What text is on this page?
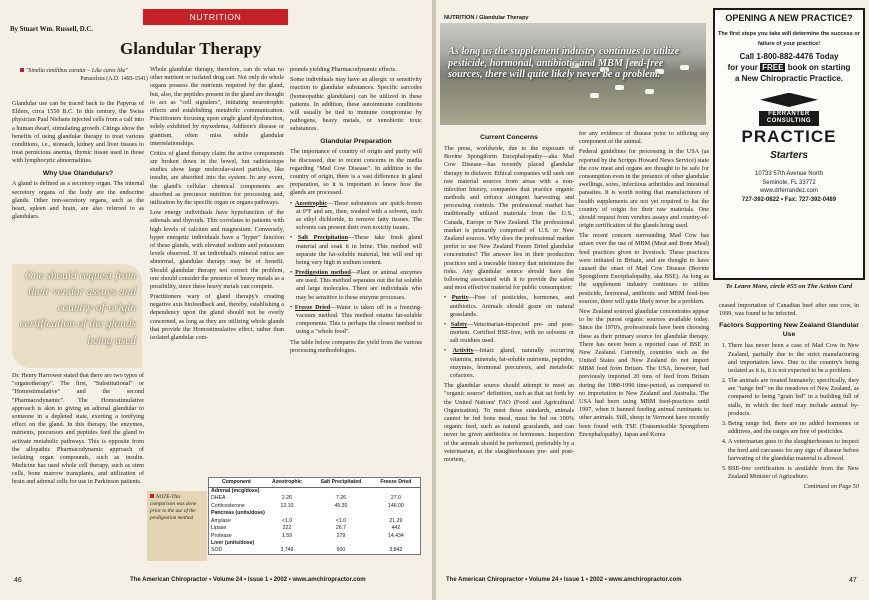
NUTRITION
By Stuart Wm. Russell, D.C.
Glandular Therapy
"Similia similibus curatur – Like cures like"
Paracelsus (A.D. 1493-1541)

Glandular use can be traced back to the Papyrus of Elders, circa 1550 B.C. In this century, the Swiss physician Paul Niehans injected cells from a calf into a human dwarf, stimulating growth. Citings show the benefits of using glandular therapy to treat various conditions, i.e., stomach, kidney and liver tissues to treat pernicious anemia, thymic tissue used in those with lymphocytic abnormalities.

Why Use Glandulars?

A gland is defined as a secretory organ. The internal secretory organs of the body are the endocrine glands. Other non-secretory organs, such as the heart, spleen and brain, are also referred to as glandulars.

One should request from their vendor assays and country-of-origin certification of the glands being used

Dr. Henry Harrower stated that there are two types of "organotherapy". The first, "Substitutional" or "Homostimulative" and the second "Pharmacodynamic". The Homostimulative approach is akin to giving an adrenal glandular to someone in a depleted state, exerting a tonifying effect on the gland. In this therapy, the enzymes, nutrients, precursors and peptides feed the gland to activate metabolic pathways. This is opposite from the allopathic Pharmacodynamic approach of isolating organ compounds, such as insulin. Medicine has used whole cell therapy, such as stem cells, bone marrow transplants, and utilization of brain and adrenal cells for use in Parkinson patients.

Whole glandular therapy, therefore, can do what no other nutrient or isolated drug can. Not only do whole organs possess the nutrients required by the gland, but, also, the peptides present in the gland are thought to act as "cell signalers", initiating neurotrophic effects and establishing metabolic communication. Practitioners focusing upon single gland dysfunction, solely exhibited by myxedema, Addison's disease or giantism, often miss subtle glandular interrelationships.

Critics of gland therapy claim the active components are broken down in the bowel, but radioisotope studies show large molecular-sized particles, like insulin, are absorbed into the system. In any event, the gland's cellular chemical components are absorbed as precursor nutrition for processing and, utilization by the specific organ or organs pathways.

Low energy individuals have hypofunction of the adrenals and thyroids. This correlates to patients with high levels of calcium and magnesium. Conversely, hyper energetic individuals have a "hyper" function of these glands, with elevated sodium and potassium levels observed. If an individual's mineral ratios are abnormal, glandular therapy may be of benefit. Should glandular therapy not correct the problem, one should consider the presence of heavy metals as a possibility, since these heavy metals can compete.

Practitioners wary of gland therapy's creating negative axis biofeedback and, thereby, establishing a dependency upon the gland should not be overly concerned, as long as they are utilizing whole glands that provide the Homostimulative effect, rather than isolated glandular com-

pounds yielding Pharmacodynamic effects.

Some individuals may have an allergic or sensitivity reaction to glandular substances. Specific sarcodes (homeopathic glandulars) can be utilized in these patients. In addition, these autoimmune conditions will usually be tied to immune compromise by pathogens, heavy metals, or xenobiotic toxic substances.

Glandular Preparation

The importance of country of origin and purity will be discussed, due to recent concerns in the media regarding "Mad Cow Disease". In addition to the country of origin, there is a vast difference in gland preparation, so it is important to know how the glands are processed.

• Azeotrophic—These substances are quick-frozen at 0°F and are, then, washed with a solvent, such as ethyl dichloride, to remove fatty tissues. The solvents can present their own toxicity issues.
• Salt Precipitation—These take fresh gland material and soak it in brine. This method will separate the fat-soluble material, but will end up being very high in sodium content.
• Predigestion method—Plant or animal enzymes are used. This method separates out the fat soluble and large molecules. There are individuals who may be sensitive to these enzyme processes.
• Freeze Dried—Water is taken off in a freezing-vacuum method. This method retains fat-soluble components. This is perhaps the closest method to using a "whole food".

The table below compares the yield from the various processing methodologies.

NOTE-This comparison was done prior to the use of the predigestion method
Component	Azeotrophic	Salt Precipitated	Freeze Dried
Adrenal (mcg/dose)			
DHEA	2.26	7.26	27.0
Corticosterone	12.10	45.30	146.00
Pancreas (units/dose)			
Amylase	<1.0	<1.0	21.29
Lipase	222	26.7	442
Protease	1.59	279	14,434
Liver (units/dose)			
SOD	3,749	600	3,842
46	The American Chiropractor • Volume 24 • Issue 1 • 2002 • www.amchiropractor.com
NUTRITION / Glandular Therapy
As long as the supplement industry continues to utilize pesticide, hormonal, antibiotic and MBM feed-free sources, there will quite likely never be a problem.
Current Concerns

The press, worldwide, due to the exposure of Bovine Spongiform Encephalopathy—aka Mad Cow Disease—has recently placed glandular therapy in disfavor. Ethical companies will seek out raw material sources from areas with a non-infection history, companies that practice organic methods and enforce stringent harvesting and processing controls. The professional market has traditionally utilized materials from the U.S., Canada, Europe or New Zealand. The professional market is primarily comprised of U.S. or New Zealand sources. Why does the professional market prefer to use New Zealand Freeze Dried glandular concentrates? The answer lies in their production practices and a traceable history that minimizes the risks. Any glandular source should have the following associated with it to provide the safest and most effective material for public consumption:

• Purity—Free of pesticides, hormones, and antibiotics. Animals should graze on natural grasslands.
• Safety—Veterinarian-inspected pre- and post-mortem. Certified BSE-free, with no solvents or salt residues used.
• Activity—Intact gland, naturally occurring vitamins, minerals, fat-soluble nutrients, peptides, enzymes, hormonal precursors, and metabolic cofactors.

The glandular source should attempt to meet an "organic source" definition, such as that set forth by the United Nations' FAO (Food and Agricultural Organization). To meet these standards, animals cannot be fed bone meal, must be fed on 100% organic feed, such as natural grasslands, and can never be given antibiotics or hormones. Inspection of the animals should be performed, preferably by a veterinarian, at the slaughterhouses pre- and post-mortem,

for any evidence of disease prior to utilizing any component of the animal.

Federal guidelines for processing in the USA (as reported by the Scripps Howard News Service) state the cow meat and organs are thought to be safe for consumption even in the presence of other glandular swellings, sores, infectious arthritides and intestinal parasites. It is worth noting that manufacturers of health supplements are not yet required to list the country of origin for their raw materials. One should request from vendors assays and country-of-origin certification of the glands being used.

The recent concern surrounding Mad Cow has arisen over the use of MBM (Meat and Bone Meal) feed practices given to livestock. These practices were initiated in Britain, and are thought to have caused the onset of Mad Cow Disease (Bovine Spongiform Encephalopathy, aka BSE). As long as the supplement industry continues to utilize pesticide, hormonal, antibiotic and MBM feed-free sources, there will quite likely never be a problem.

New Zealand sourced glandular concentrates appear to be the purest organic sources available today. Since the 1970's, professionals have been choosing these as their primary source for glandular therapy. There has never been a reported case of BSE in New Zealand. Currently, countries such as the United States and New Zealand do not import MBM feed from Britain. The USA, however, had previously imported 20 tons of feed from Britain during the 1988-1996 time-period, as compared to no importation to New Zealand and Australia. The USA had been using MBM feed-practices until 1997, when it banned feeding animal ruminants to other animals. Still, sheep in Vermont have recently been found with TSE (Transmissible Spongiform Encephalopathy). Japan and Korea

OPENING A NEW PRACTICE?
The first steps you take will determine the success or failure of your practice!
Call 1-800-882-4476 Today
for your FREE book on starting
a New Chiropractic Practice.
FERRANTER CONSULTING
PRACTICE
Starters
10733 57th Avenue North
Seminole, FL 33772
www.drferrandez.com
727-392-0822 • Fax: 727-392-0489
To Learn More, circle #55 on The Action Card

ceased importation of Canadian beef after one cow, in 1999, was found to be infected.

Factors Supporting New Zealand Glandular Use
1. There has never been a case of Mad Cow in New Zealand, partially due to the strict manufacturing and importation laws. Due to the country's being isolated as it is, it is not expected to be a problem.
2. The animals are treated humanely; specifically, they are "range fed" on the meadows of New Zealand, as compared to being "grain fed" in a building full of stalls, in which the feed may include animal by-products.
3. Being range fed, there are no added hormones or additives, and the ranges are free of pesticides.
4. A veterinarian goes to the slaughterhouses to inspect the herd and carcasses for any sign of disease before harvesting of the glandular material is allowed.
5. BSE-free certification is available from the New Zealand Minister of Agriculture.

Continued on Page 50

The American Chiropractor • Volume 24 • Issue 1 • 2002 • www.amchiropractor.com	47
